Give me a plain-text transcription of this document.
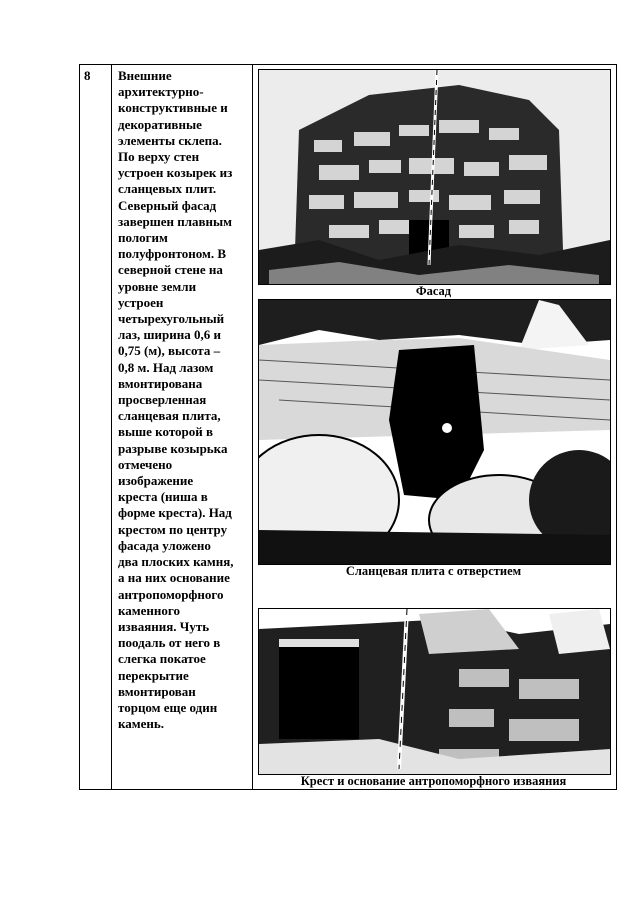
8 Внешние
архитектурно-
конструктивные и
декоративные
элементы склепа.
По верху стен
устроен козырек из
сланцевых плит.
Северный фасад
завершен плавным
пологим
полуфронтоном. В
северной стене на
уровне земли
устроен
четырехугольный
лаз, ширина 0,6 и
0,75 (м), высота –
0,8 м. Над лазом
вмонтирована
просверленная
сланцевая плита,
выше которой в
разрыве козырька
отмечено
изображение
креста (ниша в
форме креста). Над
крестом по центру
фасада уложено
два плоских камня,
а на них основание
антропоморфного
каменного
изваяния. Чуть
поодаль от него в
слегка покатое
перекрытие
вмонтирован
торцом еще один
камень.
Фасад
Сланцевая плита с отверстием
Крест и основание антропоморфного изваяния
